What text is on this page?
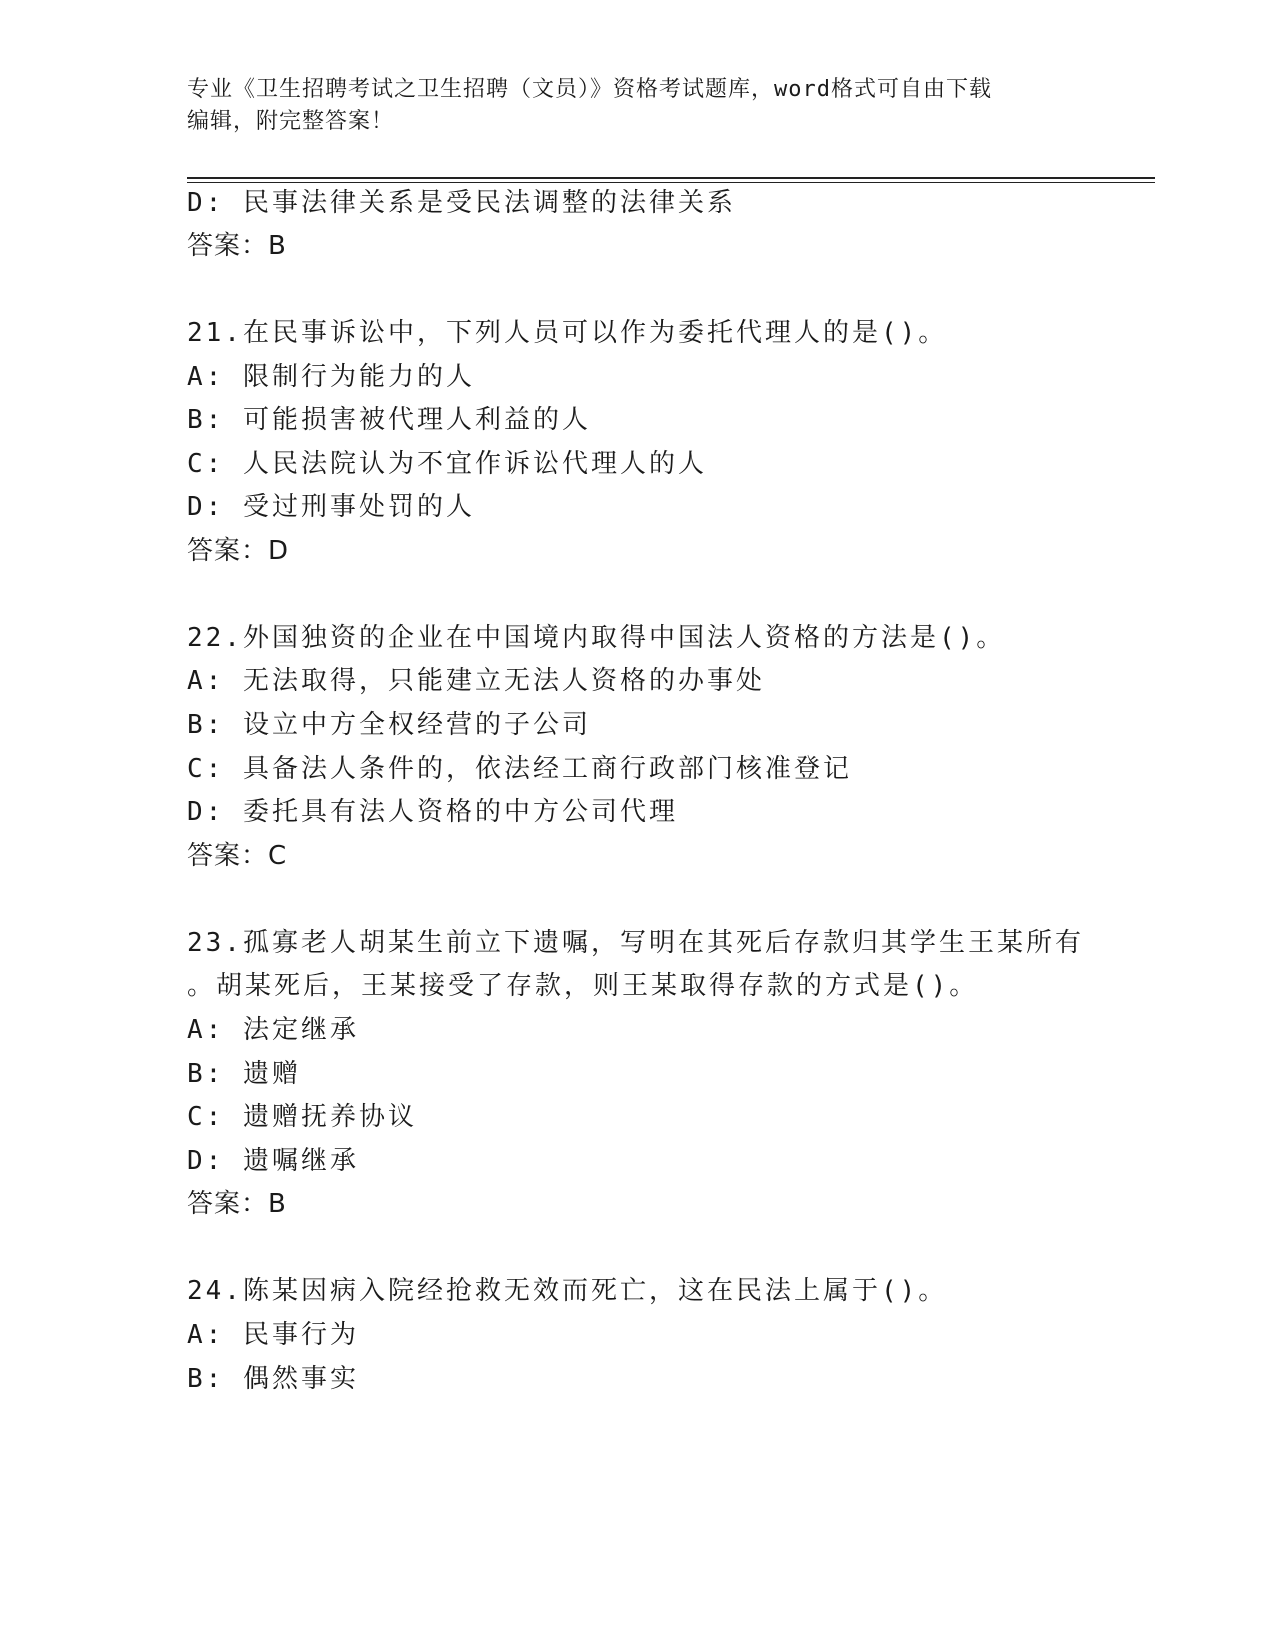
专业《卫生招聘考试之卫生招聘（文员）》资格考试题库，word格式可自由下载
编辑，附完整答案！
D: 民事法律关系是受民法调整的法律关系
答案：B
21.在民事诉讼中，下列人员可以作为委托代理人的是()。
A: 限制行为能力的人
B: 可能损害被代理人利益的人
C: 人民法院认为不宜作诉讼代理人的人
D: 受过刑事处罚的人
答案：D
22.外国独资的企业在中国境内取得中国法人资格的方法是()。
A: 无法取得，只能建立无法人资格的办事处
B: 设立中方全权经营的子公司
C: 具备法人条件的，依法经工商行政部门核准登记
D: 委托具有法人资格的中方公司代理
答案：C
23.孤寡老人胡某生前立下遗嘱，写明在其死后存款归其学生王某所有
。胡某死后，王某接受了存款，则王某取得存款的方式是()。
A: 法定继承
B: 遗赠
C: 遗赠抚养协议
D: 遗嘱继承
答案：B
24.陈某因病入院经抢救无效而死亡，这在民法上属于()。
A: 民事行为
B: 偶然事实
